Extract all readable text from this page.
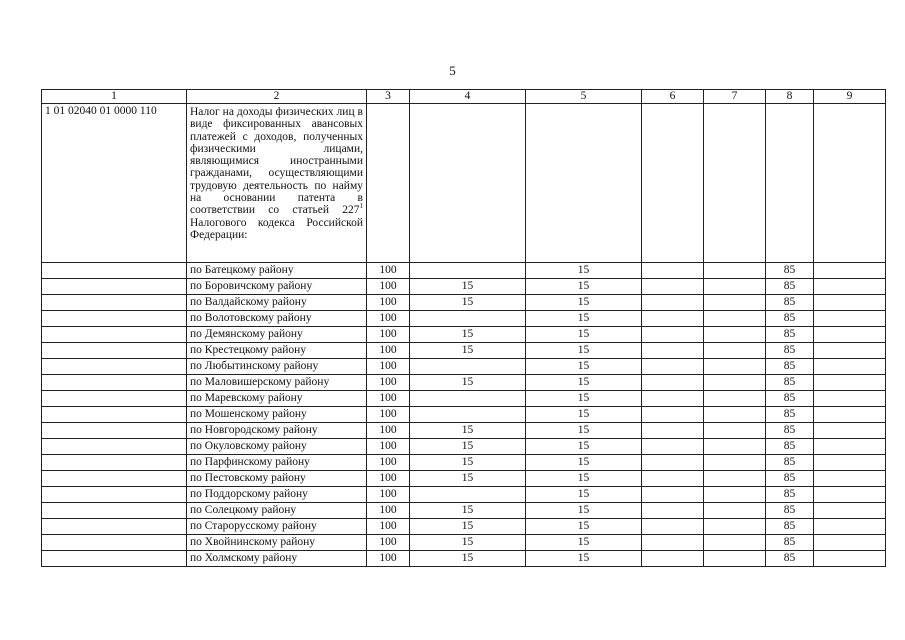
5
1	2	3	4	5	6	7	8	9
1 01 02040 01 0000 110	Налог на доходы физических лиц в виде фиксированных авансовых платежей с доходов, полученных физическими лицами, являющимися иностранными гражданами, осуществляющими трудовую деятельность по найму на основании патента в соответствии со статьей $227^1$ Налогового кодекса Российской Федерации:							
	по Батецкому району	100		15			85	
	по Боровичскому району	100	15	15			85	
	по Валдайскому району	100	15	15			85	
	по Волотовскому району	100		15			85	
	по Демянскому району	100	15	15			85	
	по Крестецкому району	100	15	15			85	
	по Любытинскому району	100		15			85	
	по Маловишерскому району	100	15	15			85	
	по Маревскому району	100		15			85	
	по Мошенскому району	100		15			85	
	по Новгородскому району	100	15	15			85	
	по Окуловскому району	100	15	15			85	
	по Парфинскому району	100	15	15			85	
	по Пестовскому району	100	15	15			85	
	по Поддорскому району	100		15			85	
	по Солецкому району	100	15	15			85	
	по Старорусскому району	100	15	15			85	
	по Хвойнинскому району	100	15	15			85	
	по Холмскому району	100	15	15			85	
